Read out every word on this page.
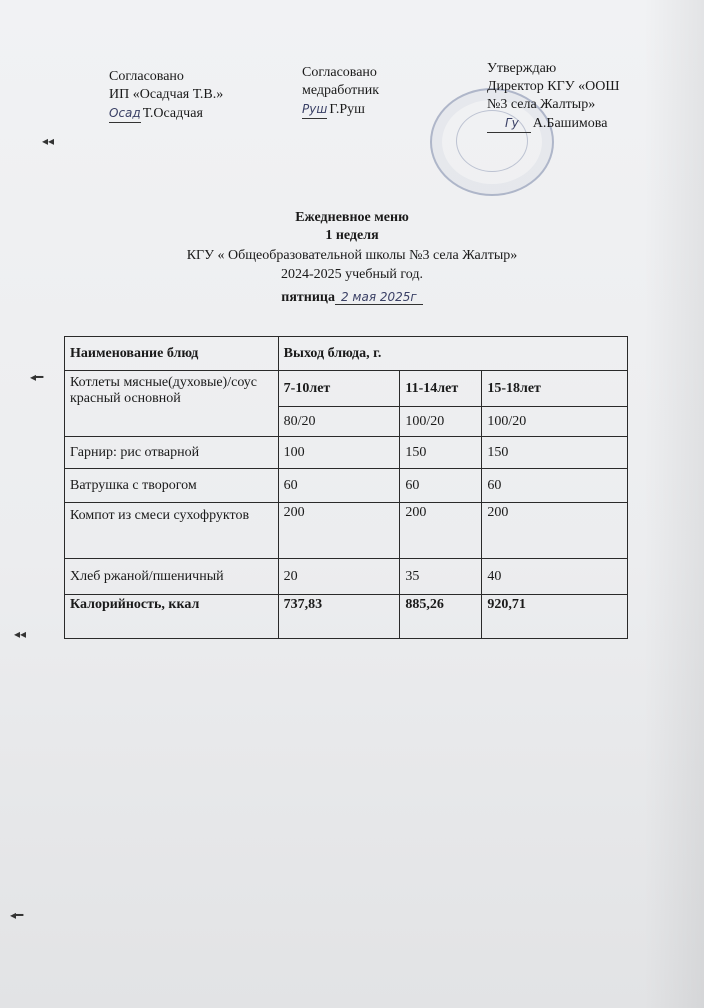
◂◂
◂━
◂◂
◂━
Согласовано
ИП «Осадчая Т.В.»
Осад Т.Осадчая
Согласовано
медработник
Руш Г.Руш
Утверждаю
Директор КГУ «ООШ
№3 села Жалтыр»
Гу А.Башимова
Ежедневное меню
1 неделя
КГУ « Общеобразовательной школы №3 села Жалтыр»
2024-2025 учебный год.
пятница 2 мая 2025г
Наименование блюд	Выход блюда, г.		
Котлеты мясные(духовые)/соус красный основной	7-10лет	11-14лет	15-18лет
	80/20	100/20	100/20
Гарнир: рис отварной	100	150	150
Ватрушка с творогом	60	60	60
Компот из смеси сухофруктов	200	200	200
Хлеб ржаной/пшеничный	20	35	40
Калорийность, ккал	737,83	885,26	920,71
